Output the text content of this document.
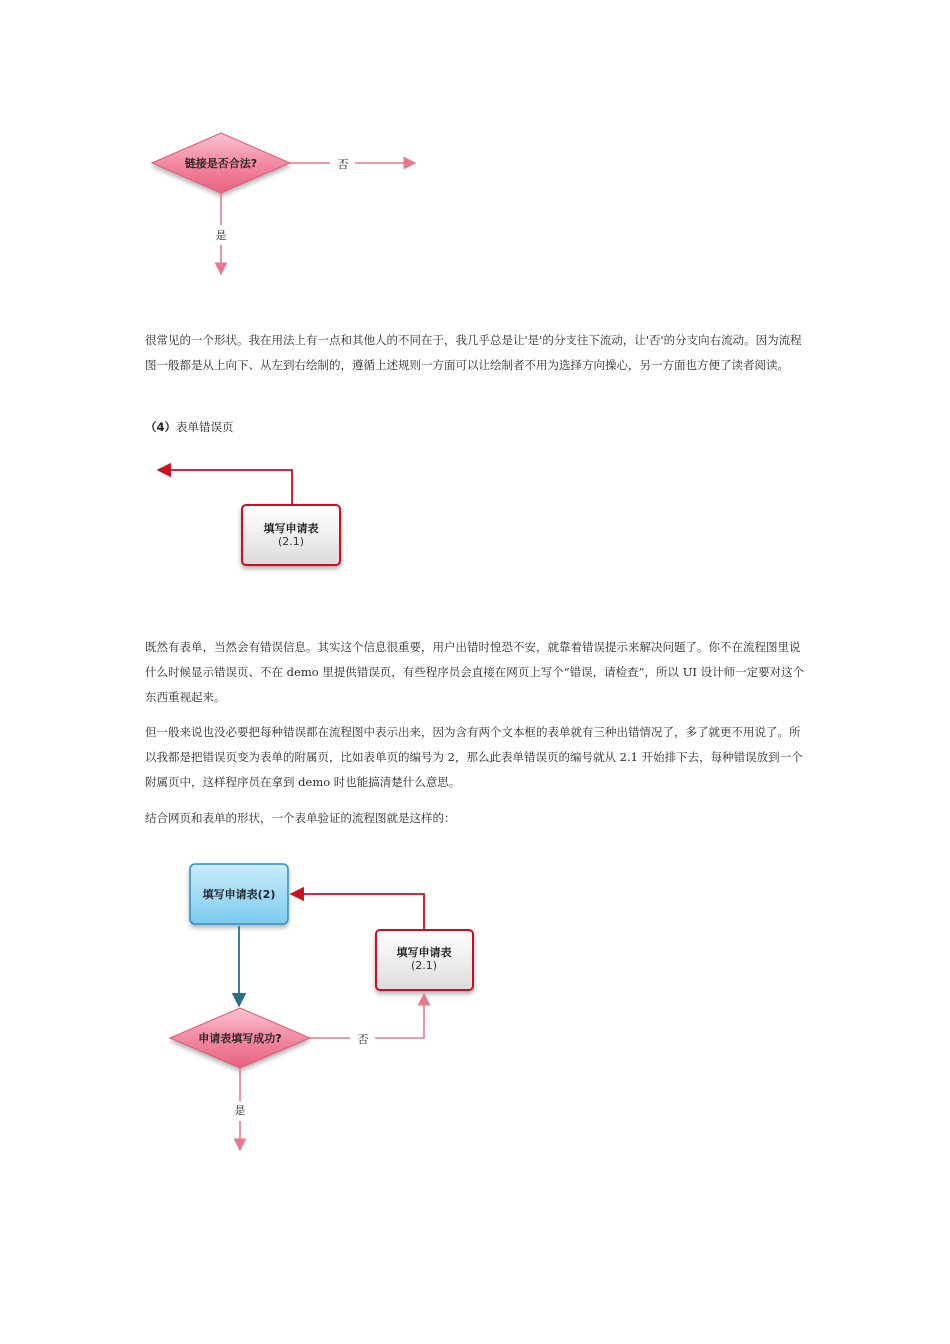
链接是否合法?	否
是

很常见的一个形状。我在用法上有一点和其他人的不同在于，我几乎总是让'是'的分支往下流动，让'否'的分支向右流动。因为流程图一般都是从上向下、从左到右绘制的，遵循上述规则一方面可以让绘制者不用为选择方向操心，另一方面也方便了读者阅读。

（4）表单错误页

填写申请表
(2.1)

既然有表单，当然会有错误信息。其实这个信息很重要，用户出错时惶恐不安，就靠着错误提示来解决问题了。你不在流程图里说什么时候显示错误页、不在 demo 里提供错误页，有些程序员会直接在网页上写个“错误，请检查”，所以 UI 设计师一定要对这个东西重视起来。

但一般来说也没必要把每种错误都在流程图中表示出来，因为含有两个文本框的表单就有三种出错情况了，多了就更不用说了。所以我都是把错误页变为表单的附属页，比如表单页的编号为 2，那么此表单错误页的编号就从 2.1 开始排下去，每种错误放到一个附属页中，这样程序员在拿到 demo 时也能搞清楚什么意思。

结合网页和表单的形状，一个表单验证的流程图就是这样的：

填写申请表(2)
填写申请表
(2.1)
申请表填写成功?	否
是
